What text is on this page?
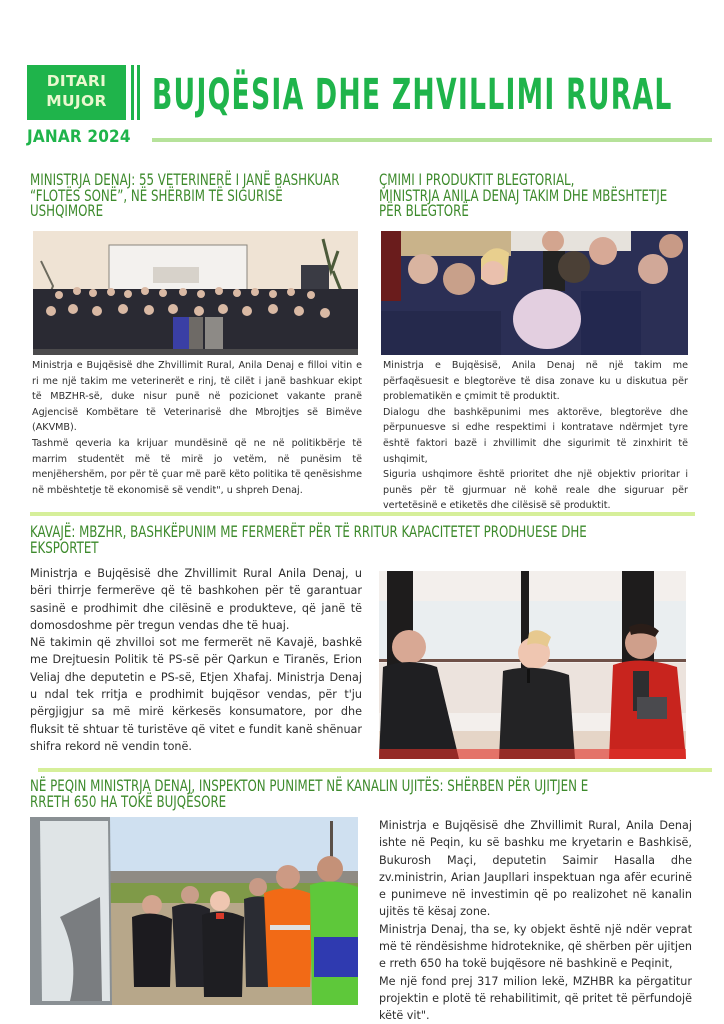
DITARI
MUJOR	BUJQËSIA DHE ZHVILLIMI RURAL
JANAR 2024
MINISTRJA DENAJ: 55 VETERINERË I JANË BASHKUAR
“FLOTËS SONË”, NË SHËRBIM TË SIGURISË
USHQIMORE

Ministrja e Bujqësisë dhe Zhvillimit Rural, Anila Denaj e filloi vitin e ri me një takim me veterinerët e rinj, të cilët i janë bashkuar ekipt të MBZHR-së, duke nisur punë në pozicionet vakante pranë Agjencisë Kombëtare të Veterinarisë dhe Mbrojtjes së Bimëve (AKVMB).

Tashmë qeveria ka krijuar mundësinë që ne në politikbërje të marrim studentët më të mirë jo vetëm, në punësim të menjëhershëm, por për të çuar më parë këto politika të qenësishme në mbështetje të ekonomisë së vendit", u shpreh Denaj.

ÇMIMI I PRODUKTIT BLEGTORIAL,
MINISTRJA ANILA DENAJ TAKIM DHE MBËSHTETJE
PËR BLEGTORË

Ministrja e Bujqësisë, Anila Denaj në një takim me përfaqësuesit e blegtorëve të disa zonave ku u diskutua për problematikën e çmimit të produktit.

Dialogu dhe bashkëpunimi mes aktorëve, blegtorëve dhe përpunuesve si edhe respektimi i kontratave ndërmjet tyre është faktori bazë i zhvillimit dhe sigurimit të zinxhirit të ushqimit,

Siguria ushqimore është prioritet dhe një objektiv prioritar i punës për të gjurmuar në kohë reale dhe siguruar për vertetësinë e etiketës dhe cilësisë së produktit.

KAVAJË: MBZHR, BASHKËPUNIM ME FERMERËT PËR TË RRITUR KAPACITETET PRODHUESE DHE
EKSPORTET

Ministrja e Bujqësisë dhe Zhvillimit Rural Anila Denaj, u bëri thirrje fermerëve që të bashkohen për të garantuar sasinë e prodhimit dhe cilësinë e produkteve, që janë të domosdoshme për tregun vendas dhe të huaj.

Në takimin që zhvilloi sot me fermerët në Kavajë, bashkë me Drejtuesin Politik të PS-së për Qarkun e Tiranës, Erion Veliaj dhe deputetin e PS-së, Etjen Xhafaj. Ministrja Denaj u ndal tek rritja e prodhimit bujqësor vendas, për t'ju përgjigjur sa më mirë kërkesës konsumatore, por dhe fluksit të shtuar të turistëve që vitet e fundit kanë shënuar shifra rekord në vendin tonë.

NË PEQIN MINISTRJA DENAJ, INSPEKTON PUNIMET NË KANALIN UJITËS: SHËRBEN PËR UJITJEN E
RRETH 650 HA TOKË BUJQËSORE

Ministrja e Bujqësisë dhe Zhvillimit Rural, Anila Denaj ishte në Peqin, ku së bashku me kryetarin e Bashkisë, Bukurosh Maçi, deputetin Saimir Hasalla dhe zv.ministrin, Arian Jaupllari inspektuan nga afër ecurinë e punimeve në investimin që po realizohet në kanalin ujitës të kësaj zone.

Ministrja Denaj, tha se, ky objekt është një ndër veprat më të rëndësishme hidroteknike, që shërben për ujitjen e rreth 650 ha tokë bujqësore në bashkinë e Peqinit,

Me një fond prej 317 milion lekë, MZHBR ka përgatitur projektin e plotë të rehabilitimit, që pritet të përfundojë këtë vit".
